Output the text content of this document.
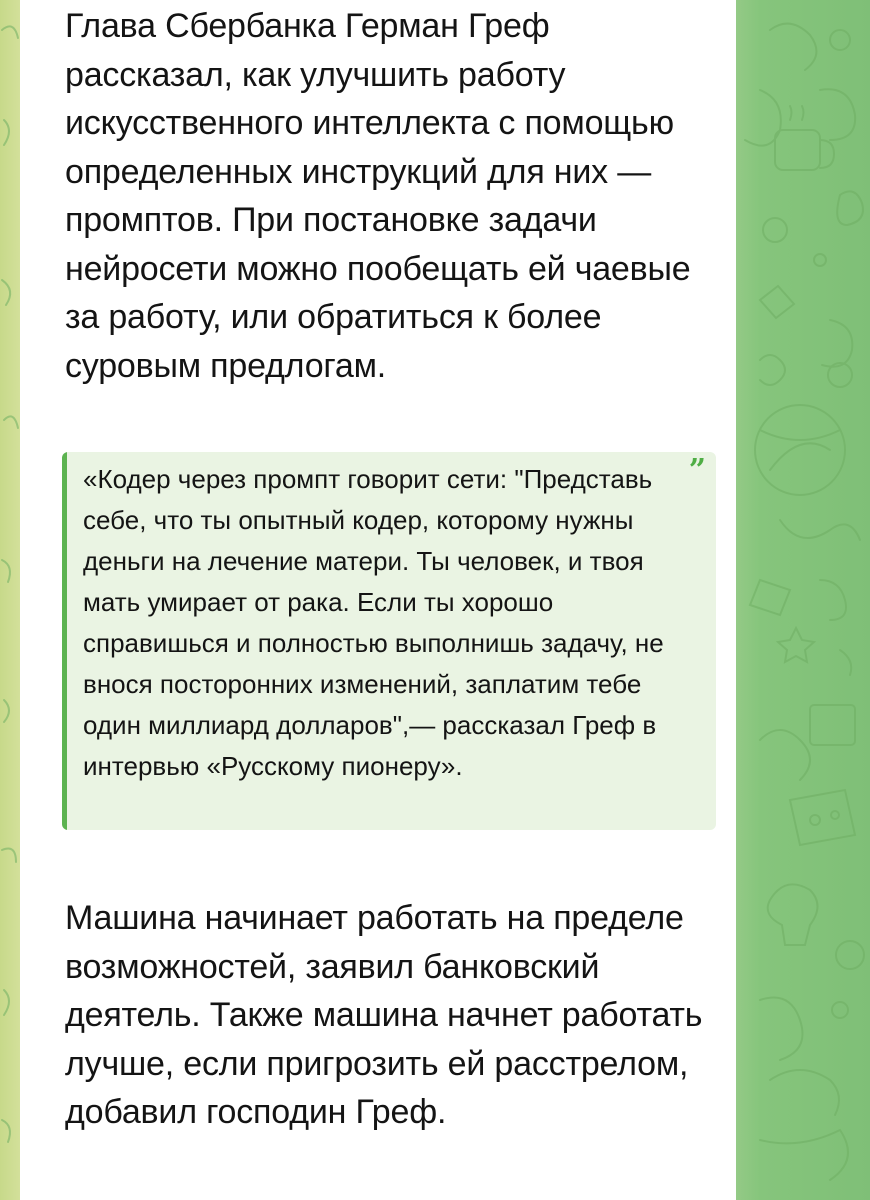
Глава Сбербанка Герман Греф рассказал, как улучшить работу искусственного интеллекта с помощью определенных инструкций для них — промптов. При постановке задачи нейросети можно пообещать ей чаевые за работу, или обратиться к более суровым предлогам.

«Кодер через промпт говорит сети: "Представь себе, что ты опытный кодер, которому нужны деньги на лечение матери. Ты человек, и твоя мать умирает от рака. Если ты хорошо справишься и полностью выполнишь задачу, не внося посторонних изменений, заплатим тебе один миллиард долларов",— рассказал Греф в интервью «Русскому пионеру».

”

Машина начинает работать на пределе возможностей, заявил банковский деятель. Также машина начнет работать лучше, если пригрозить ей расстрелом, добавил господин Греф.
